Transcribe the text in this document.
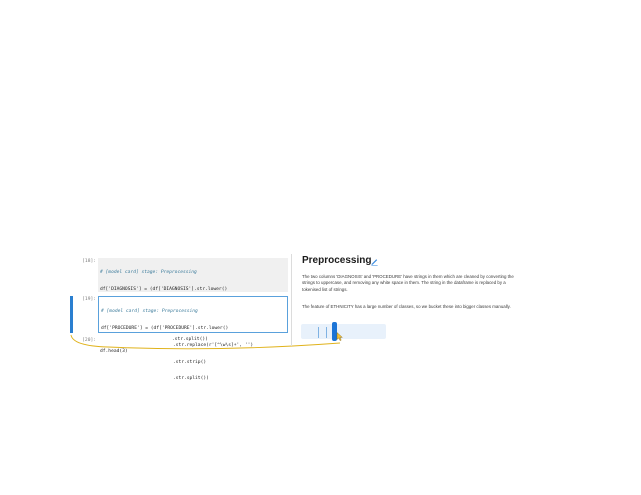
[18]:

# [model card] stage: Preprocessing

df['DIAGNOSIS'] = (df['DIAGNOSIS'].str.lower()

.str.split())

[19]:

# [model card] stage: Preprocessing

df['PROCEDURE'] = (df['PROCEDURE'].str.lower()

.str.replace(r'[^\w\s]+', '')

.str.strip()

.str.split())

[20]:

df.head(3)

Preprocessing

The two columns 'DIAGNOSIS' and 'PROCEDURE' have strings in them which are cleaned by converting the strings to uppercase, and removing any white space in them. The string in the dataframe is replaced by a tokenised list of strings.

The feature of ETHNICITY has a large number of classes, so we bucket these into bigger classes manually.
